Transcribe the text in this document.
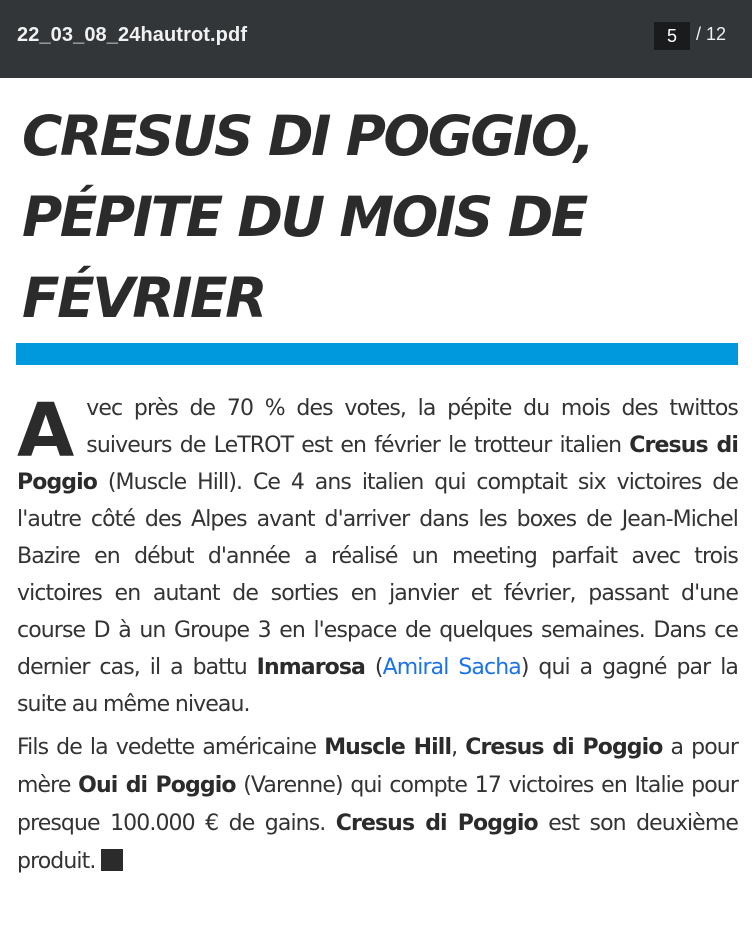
22_03_08_24hautrot.pdf	5	/ 12
CRESUS DI POGGIO,
PÉPITE DU MOIS DE
FÉVRIER

Avec près de 70 % des votes, la pépite du mois des twittos suiveurs de LeTROT est en février le trotteur italien Cresus di Poggio (Muscle Hill). Ce 4 ans italien qui comptait six victoires de l'autre côté des Alpes avant d'arriver dans les boxes de Jean-Michel Bazire en début d'année a réalisé un meeting parfait avec trois victoires en autant de sorties en janvier et février, passant d'une course D à un Groupe 3 en l'espace de quelques semaines. Dans ce dernier cas, il a battu Inmarosa (Amiral Sacha) qui a gagné par la suite au même niveau.

Fils de la vedette américaine Muscle Hill, Cresus di Poggio a pour mère Oui di Poggio (Varenne) qui compte 17 victoires en Italie pour presque 100.000 € de gains. Cresus di Poggio est son deuxième produit.
